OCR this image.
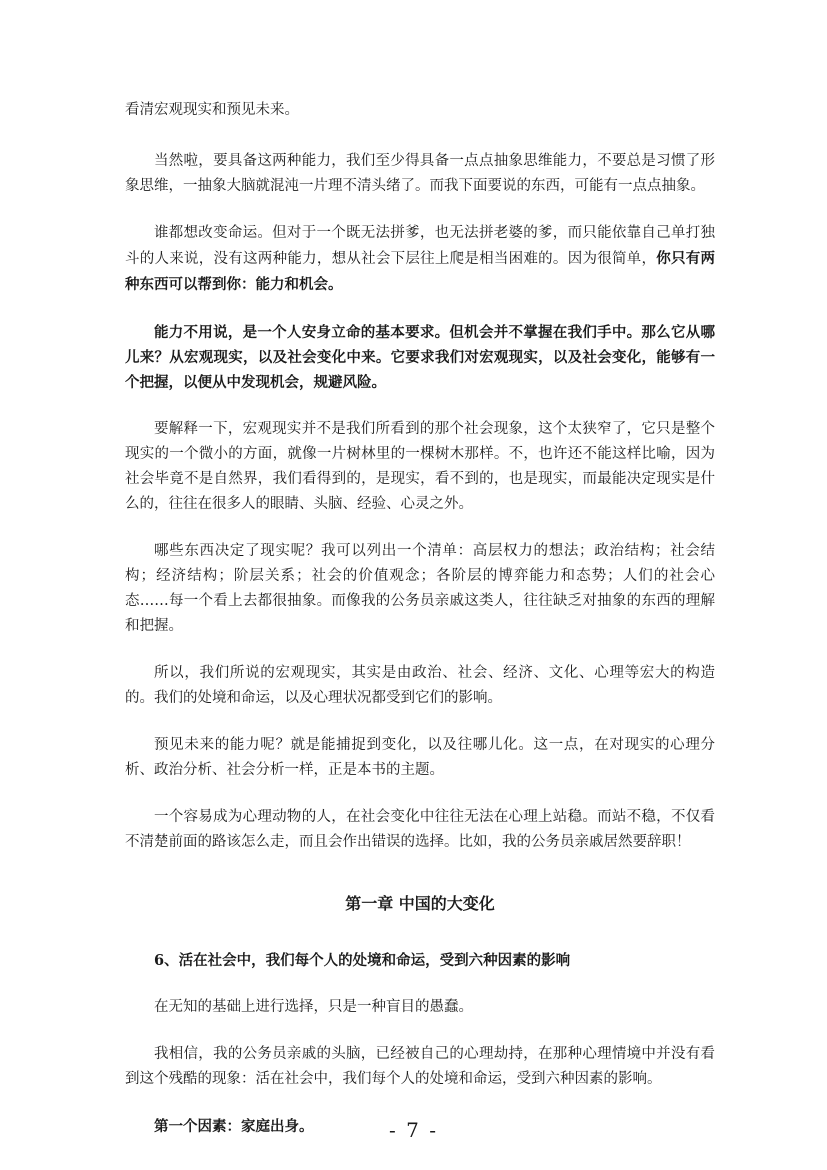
看清宏观现实和预见未来。

当然啦，要具备这两种能力，我们至少得具备一点点抽象思维能力，不要总是习惯了形象思维，一抽象大脑就混沌一片理不清头绪了。而我下面要说的东西，可能有一点点抽象。

谁都想改变命运。但对于一个既无法拼爹，也无法拼老婆的爹，而只能依靠自己单打独斗的人来说，没有这两种能力，想从社会下层往上爬是相当困难的。因为很简单，你只有两种东西可以帮到你：能力和机会。

能力不用说，是一个人安身立命的基本要求。但机会并不掌握在我们手中。那么它从哪儿来？从宏观现实，以及社会变化中来。它要求我们对宏观现实，以及社会变化，能够有一个把握，以便从中发现机会，规避风险。

要解释一下，宏观现实并不是我们所看到的那个社会现象，这个太狭窄了，它只是整个现实的一个微小的方面，就像一片树林里的一棵树木那样。不，也许还不能这样比喻，因为社会毕竟不是自然界，我们看得到的，是现实，看不到的，也是现实，而最能决定现实是什么的，往往在很多人的眼睛、头脑、经验、心灵之外。

哪些东西决定了现实呢？我可以列出一个清单：高层权力的想法；政治结构；社会结构；经济结构；阶层关系；社会的价值观念；各阶层的博弈能力和态势；人们的社会心态……每一个看上去都很抽象。而像我的公务员亲戚这类人，往往缺乏对抽象的东西的理解和把握。

所以，我们所说的宏观现实，其实是由政治、社会、经济、文化、心理等宏大的构造的。我们的处境和命运，以及心理状况都受到它们的影响。

预见未来的能力呢？就是能捕捉到变化，以及往哪儿化。这一点，在对现实的心理分析、政治分析、社会分析一样，正是本书的主题。

一个容易成为心理动物的人，在社会变化中往往无法在心理上站稳。而站不稳，不仅看不清楚前面的路该怎么走，而且会作出错误的选择。比如，我的公务员亲戚居然要辞职！

第一章 中国的大变化

6、活在社会中，我们每个人的处境和命运，受到六种因素的影响

在无知的基础上进行选择，只是一种盲目的愚蠢。

我相信，我的公务员亲戚的头脑，已经被自己的心理劫持，在那种心理情境中并没有看到这个残酷的现象：活在社会中，我们每个人的处境和命运，受到六种因素的影响。

第一个因素：家庭出身。	- 7 -
